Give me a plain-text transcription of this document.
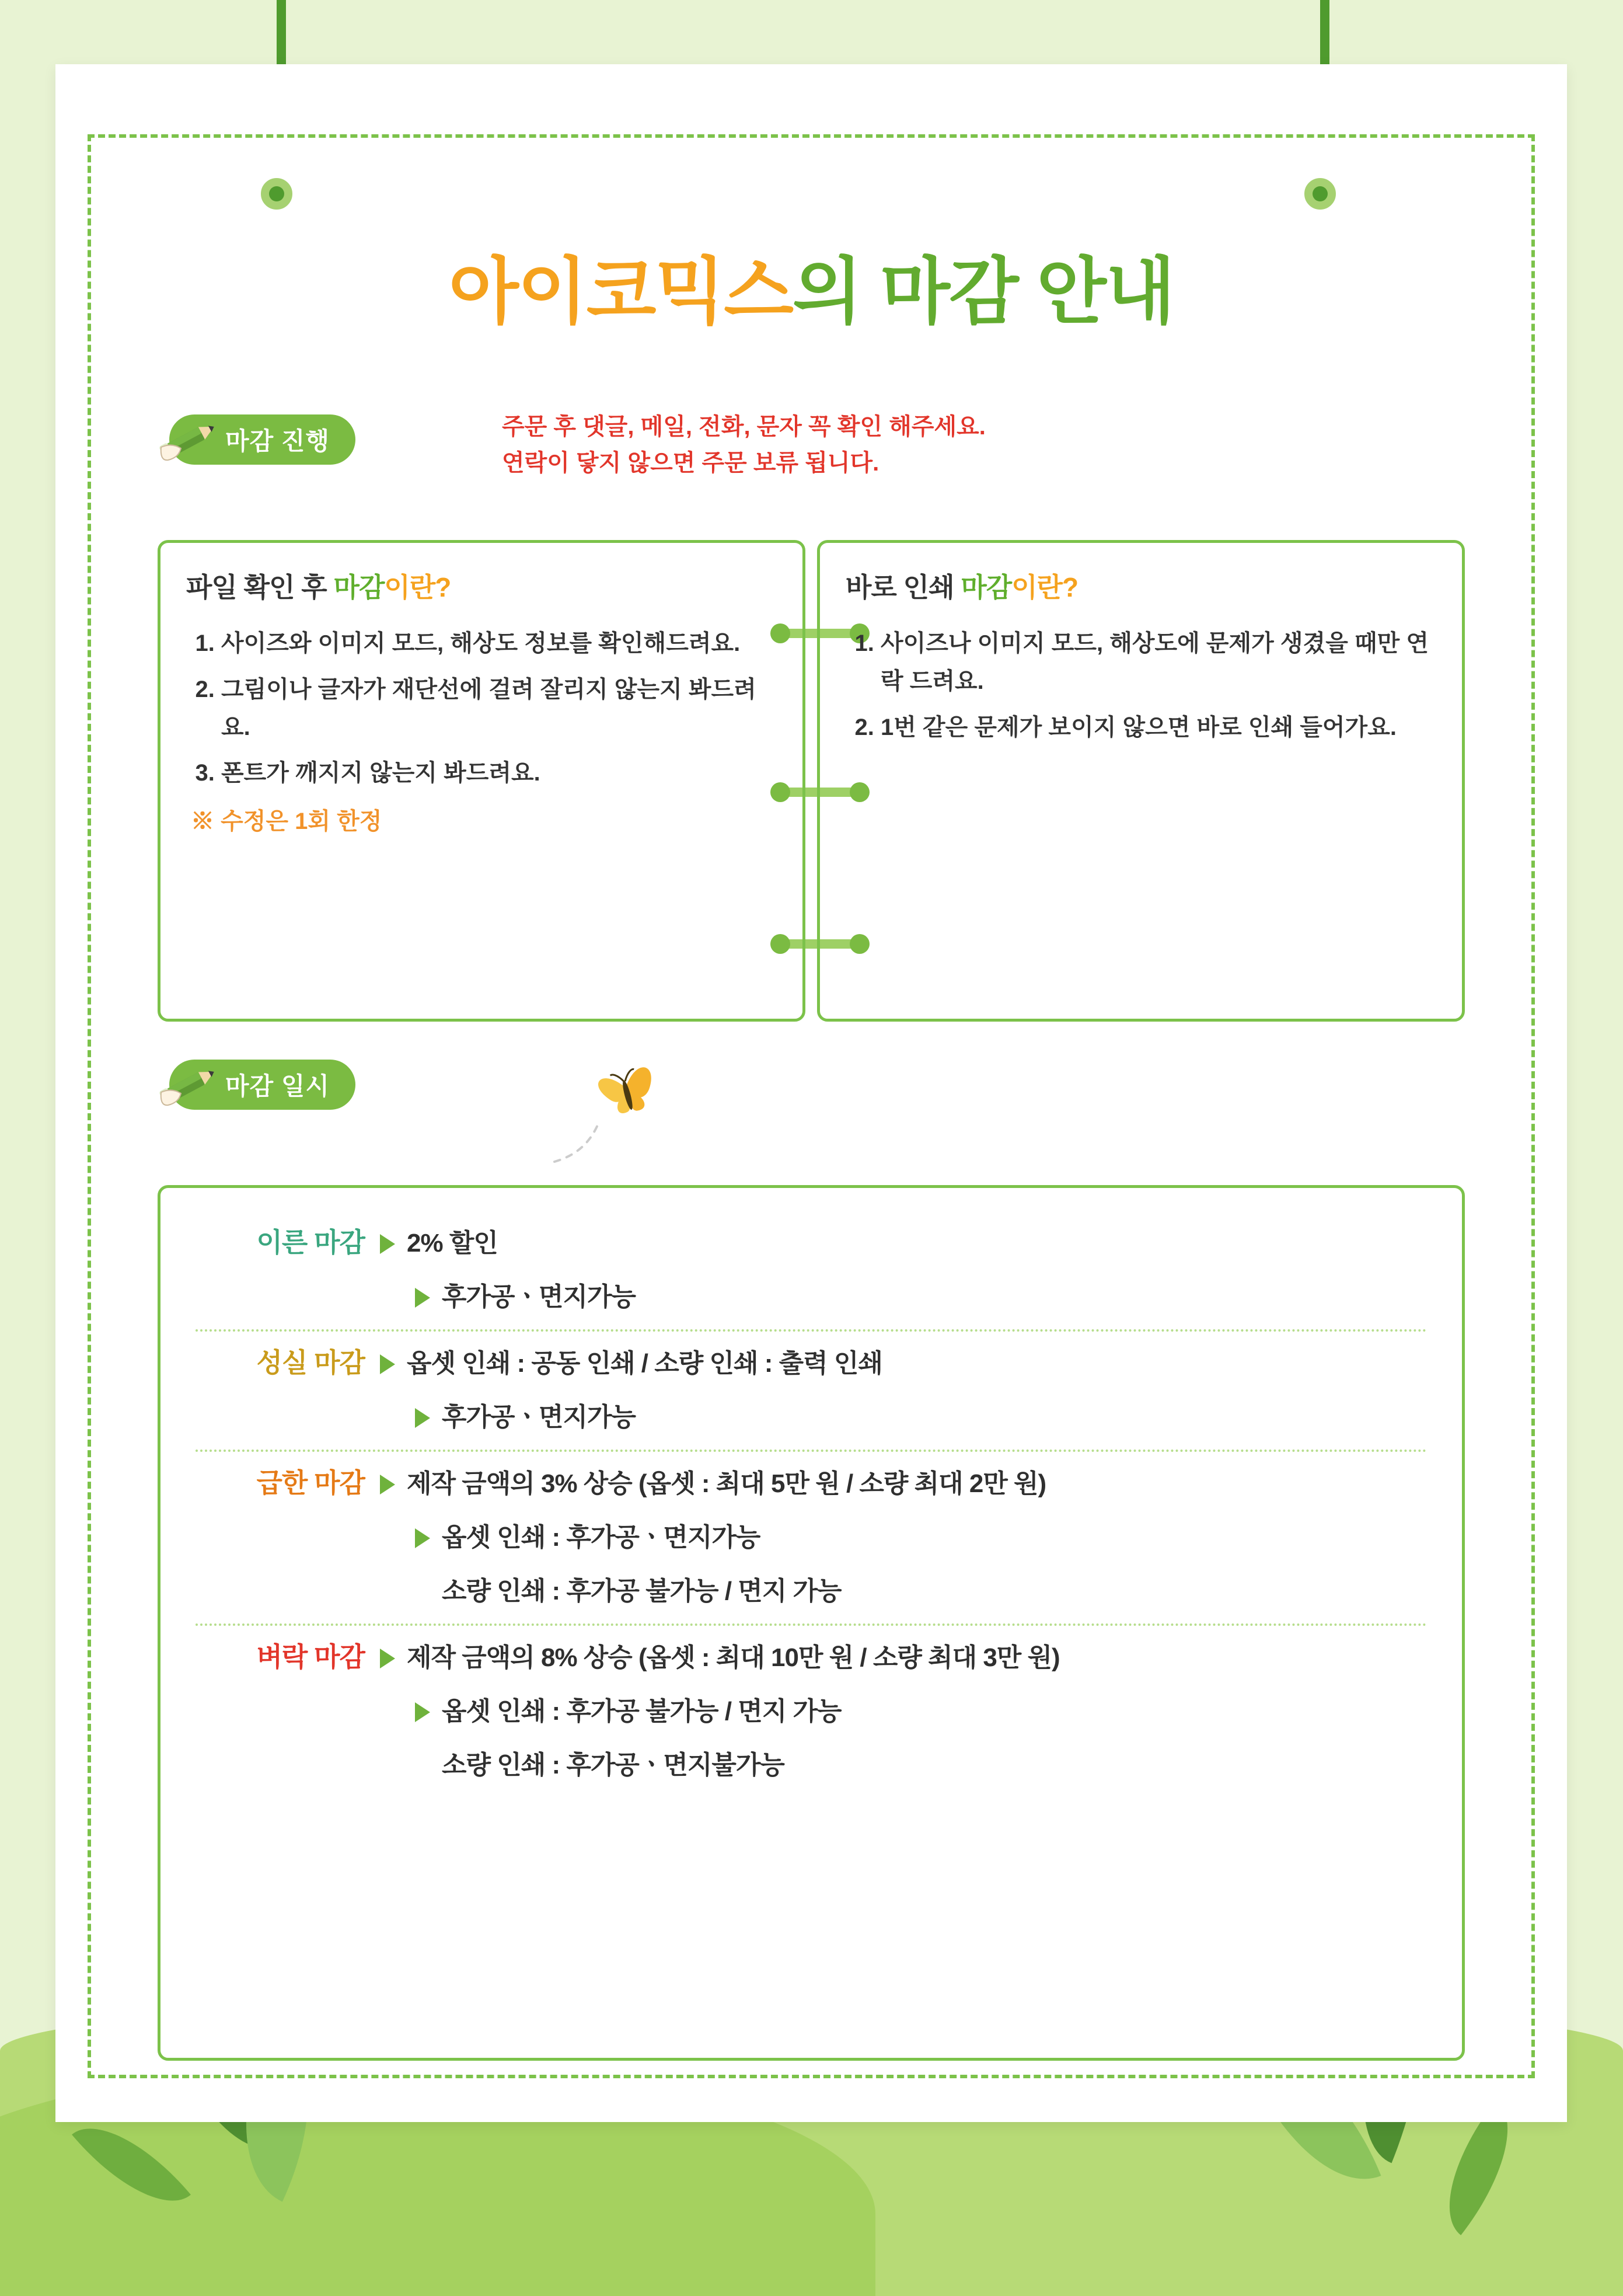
아이코믹스의 마감 안내
마감 진행
주문 후 댓글, 메일, 전화, 문자 꼭 확인 해주세요.
연락이 닿지 않으면 주문 보류 됩니다.
파일 확인 후 마감이란?
1. 사이즈와 이미지 모드, 해상도 정보를 확인해드려요.
2. 그림이나 글자가 재단선에 걸려 잘리지 않는지 봐드려요.
3. 폰트가 깨지지 않는지 봐드려요.
※ 수정은 1회 한정
바로 인쇄 마감이란?
1. 사이즈나 이미지 모드, 해상도에 문제가 생겼을 때만 연락 드려요.
2. 1번 같은 문제가 보이지 않으면 바로 인쇄 들어가요.
마감 일시
이른 마감	2% 할인
후가공ㆍ면지가능
성실 마감	옵셋 인쇄 : 공동 인쇄 / 소량 인쇄 : 출력 인쇄
후가공ㆍ면지가능
급한 마감	제작 금액의 3% 상승 (옵셋 : 최대 5만 원 / 소량 최대 2만 원)
옵셋 인쇄 : 후가공ㆍ면지가능
소량 인쇄 : 후가공 불가능 / 면지 가능
벼락 마감	제작 금액의 8% 상승 (옵셋 : 최대 10만 원 / 소량 최대 3만 원)
옵셋 인쇄 : 후가공 불가능 / 면지 가능
소량 인쇄 : 후가공ㆍ면지불가능
